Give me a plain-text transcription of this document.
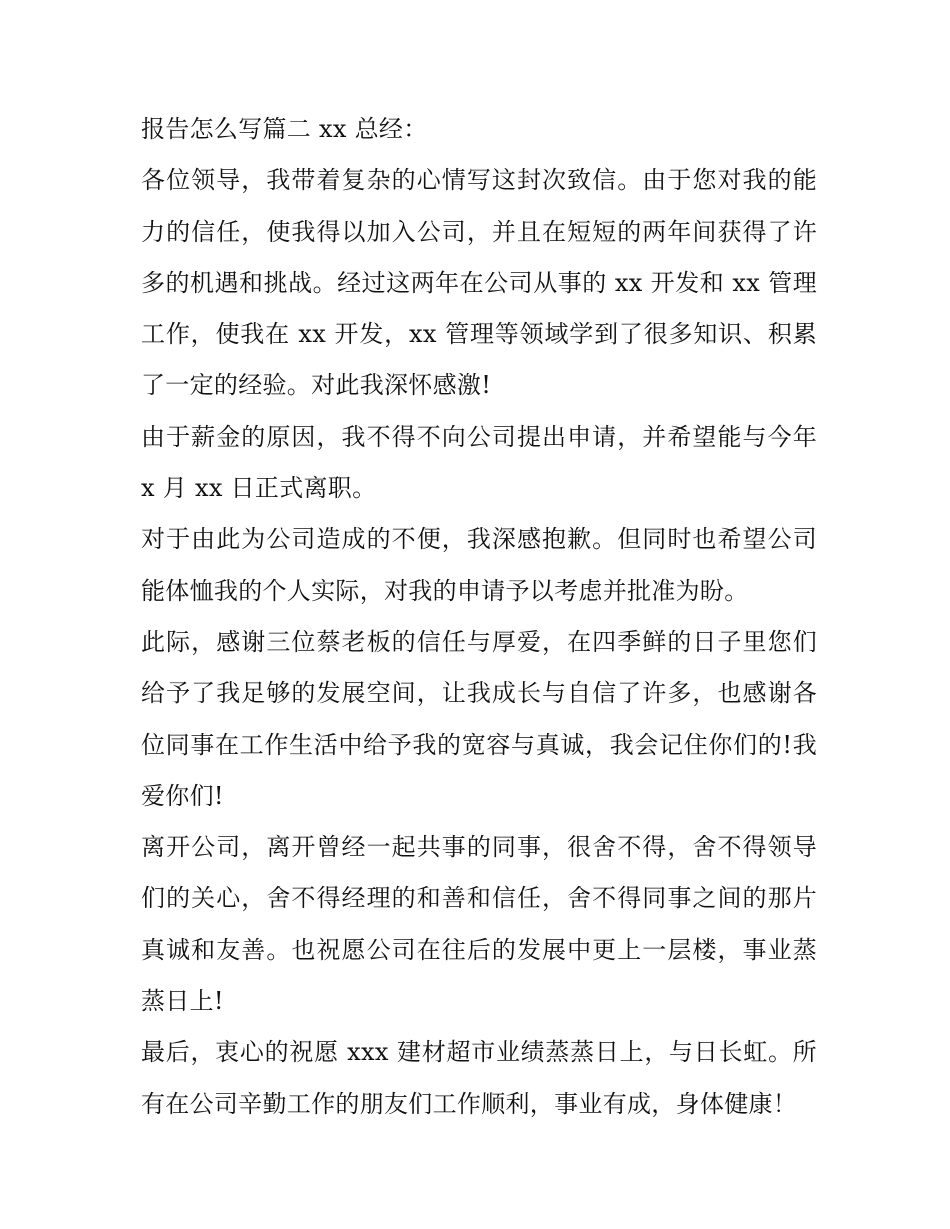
报告怎么写篇二 xx 总经：

各位领导，我带着复杂的心情写这封次致信。由于您对我的能力的信任，使我得以加入公司，并且在短短的两年间获得了许多的机遇和挑战。经过这两年在公司从事的 xx 开发和 xx 管理工作，使我在 xx 开发，xx 管理等领域学到了很多知识、积累了一定的经验。对此我深怀感激!

由于薪金的原因，我不得不向公司提出申请，并希望能与今年 x 月 xx 日正式离职。

对于由此为公司造成的不便，我深感抱歉。但同时也希望公司能体恤我的个人实际，对我的申请予以考虑并批准为盼。

此际，感谢三位蔡老板的信任与厚爱，在四季鲜的日子里您们给予了我足够的发展空间，让我成长与自信了许多，也感谢各位同事在工作生活中给予我的宽容与真诚，我会记住你们的!我爱你们!

离开公司，离开曾经一起共事的同事，很舍不得，舍不得领导们的关心，舍不得经理的和善和信任，舍不得同事之间的那片真诚和友善。也祝愿公司在往后的发展中更上一层楼，事业蒸蒸日上!

最后，衷心的祝愿 xxx 建材超市业绩蒸蒸日上，与日长虹。所有在公司辛勤工作的朋友们工作顺利，事业有成，身体健康！
